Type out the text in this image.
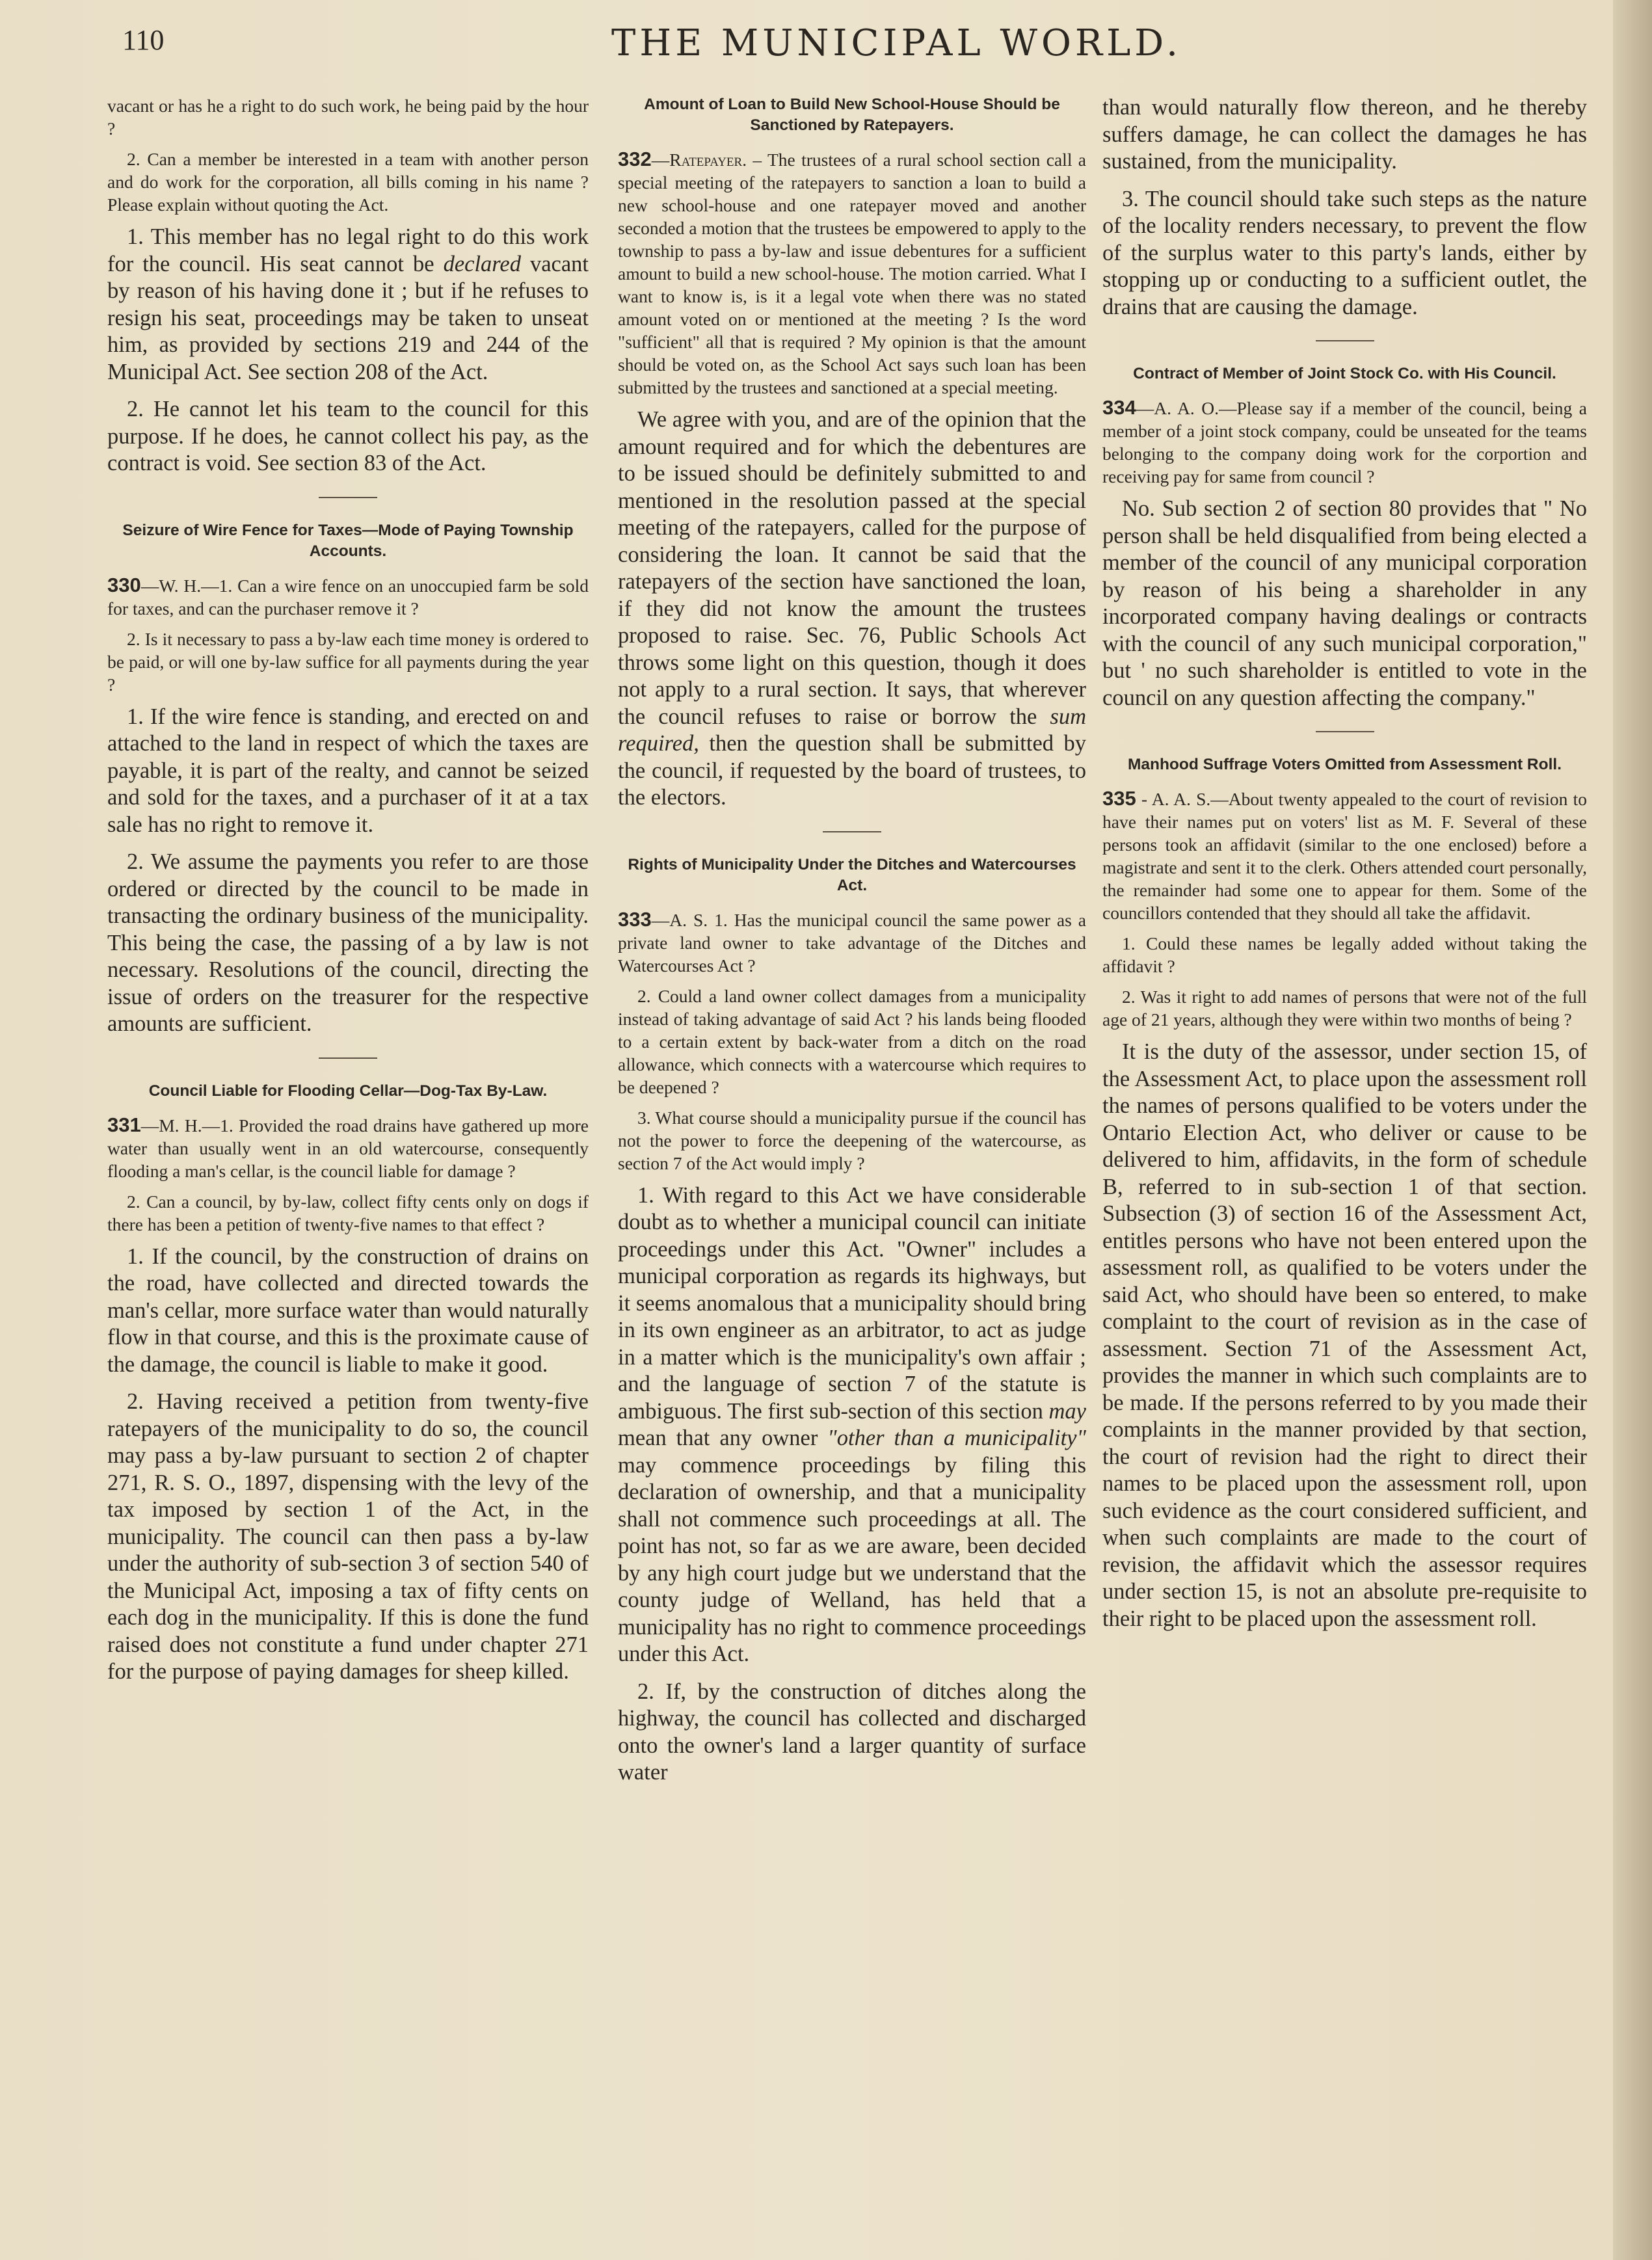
110	THE MUNICIPAL WORLD.

vacant or has he a right to do such work, he being paid by the hour ?

2. Can a member be interested in a team with another person and do work for the corporation, all bills coming in his name ? Please explain without quoting the Act.

1. This member has no legal right to do this work for the council. His seat cannot be declared vacant by reason of his having done it ; but if he refuses to resign his seat, proceedings may be taken to unseat him, as provided by sections 219 and 244 of the Municipal Act. See section 208 of the Act.

2. He cannot let his team to the council for this purpose. If he does, he cannot collect his pay, as the contract is void. See section 83 of the Act.

Seizure of Wire Fence for Taxes—Mode of Paying Township Accounts.

330—W. H.—1. Can a wire fence on an unoccupied farm be sold for taxes, and can the purchaser remove it ?

2. Is it necessary to pass a by-law each time money is ordered to be paid, or will one by-law suffice for all payments during the year ?

1. If the wire fence is standing, and erected on and attached to the land in respect of which the taxes are payable, it is part of the realty, and cannot be seized and sold for the taxes, and a purchaser of it at a tax sale has no right to remove it.

2. We assume the payments you refer to are those ordered or directed by the council to be made in transacting the ordinary business of the municipality. This being the case, the passing of a by law is not necessary. Resolutions of the council, directing the issue of orders on the treasurer for the respective amounts are sufficient.

Council Liable for Flooding Cellar—Dog-Tax By-Law.

331—M. H.—1. Provided the road drains have gathered up more water than usually went in an old watercourse, consequently flooding a man's cellar, is the council liable for damage ?

2. Can a council, by by-law, collect fifty cents only on dogs if there has been a petition of twenty-five names to that effect ?

1. If the council, by the construction of drains on the road, have collected and directed towards the man's cellar, more surface water than would naturally flow in that course, and this is the proximate cause of the damage, the council is liable to make it good.

2. Having received a petition from twenty-five ratepayers of the municipality to do so, the council may pass a by-law pursuant to section 2 of chapter 271, R. S. O., 1897, dispensing with the levy of the tax imposed by section 1 of the Act, in the municipality. The council can then pass a by-law under the authority of sub-section 3 of section 540 of the Municipal Act, imposing a tax of fifty cents on each dog in the municipality. If this is done the fund raised does not constitute a fund under chapter 271 for the purpose of paying damages for sheep killed.

Amount of Loan to Build New School-House Should be Sanctioned by Ratepayers.

332—Ratepayer. – The trustees of a rural school section call a special meeting of the ratepayers to sanction a loan to build a new school-house and one ratepayer moved and another seconded a motion that the trustees be empowered to apply to the township to pass a by-law and issue debentures for a sufficient amount to build a new school-house. The motion carried. What I want to know is, is it a legal vote when there was no stated amount voted on or mentioned at the meeting ? Is the word "sufficient" all that is required ? My opinion is that the amount should be voted on, as the School Act says such loan has been submitted by the trustees and sanctioned at a special meeting.

We agree with you, and are of the opinion that the amount required and for which the debentures are to be issued should be definitely submitted to and mentioned in the resolution passed at the special meeting of the ratepayers, called for the purpose of considering the loan. It cannot be said that the ratepayers of the section have sanctioned the loan, if they did not know the amount the trustees proposed to raise. Sec. 76, Public Schools Act throws some light on this question, though it does not apply to a rural section. It says, that wherever the council refuses to raise or borrow the sum required, then the question shall be submitted by the council, if requested by the board of trustees, to the electors.

Rights of Municipality Under the Ditches and Watercourses Act.

333—A. S. 1. Has the municipal council the same power as a private land owner to take advantage of the Ditches and Watercourses Act ?

2. Could a land owner collect damages from a municipality instead of taking advantage of said Act ? his lands being flooded to a certain extent by back-water from a ditch on the road allowance, which connects with a watercourse which requires to be deepened ?

3. What course should a municipality pursue if the council has not the power to force the deepening of the watercourse, as section 7 of the Act would imply ?

1. With regard to this Act we have considerable doubt as to whether a municipal council can initiate proceedings under this Act. "Owner" includes a municipal corporation as regards its highways, but it seems anomalous that a municipality should bring in its own engineer as an arbitrator, to act as judge in a matter which is the municipality's own affair ; and the language of section 7 of the statute is ambiguous. The first sub-section of this section may mean that any owner "other than a municipality" may commence proceedings by filing this declaration of ownership, and that a municipality shall not commence such proceedings at all. The point has not, so far as we are aware, been decided by any high court judge but we understand that the county judge of Welland, has held that a municipality has no right to commence proceedings under this Act.

2. If, by the construction of ditches along the highway, the council has collected and discharged onto the owner's land a larger quantity of surface water

than would naturally flow thereon, and he thereby suffers damage, he can collect the damages he has sustained, from the municipality.

3. The council should take such steps as the nature of the locality renders necessary, to prevent the flow of the surplus water to this party's lands, either by stopping up or conducting to a sufficient outlet, the drains that are causing the damage.

Contract of Member of Joint Stock Co. with His Council.

334—A. A. O.—Please say if a member of the council, being a member of a joint stock company, could be unseated for the teams belonging to the company doing work for the corportion and receiving pay for same from council ?

No. Sub section 2 of section 80 provides that " No person shall be held disqualified from being elected a member of the council of any municipal corporation by reason of his being a shareholder in any incorporated company having dealings or contracts with the council of any such municipal corporation," but ' no such shareholder is entitled to vote in the council on any question affecting the company."

Manhood Suffrage Voters Omitted from Assessment Roll.

335 - A. A. S.—About twenty appealed to the court of revision to have their names put on voters' list as M. F. Several of these persons took an affidavit (similar to the one enclosed) before a magistrate and sent it to the clerk. Others attended court personally, the remainder had some one to appear for them. Some of the councillors contended that they should all take the affidavit.

1. Could these names be legally added without taking the affidavit ?

2. Was it right to add names of persons that were not of the full age of 21 years, although they were within two months of being ?

It is the duty of the assessor, under section 15, of the Assessment Act, to place upon the assessment roll the names of persons qualified to be voters under the Ontario Election Act, who deliver or cause to be delivered to him, affidavits, in the form of schedule B, referred to in sub-section 1 of that section. Subsection (3) of section 16 of the Assessment Act, entitles persons who have not been entered upon the assessment roll, as qualified to be voters under the said Act, who should have been so entered, to make complaint to the court of revision as in the case of assessment. Section 71 of the Assessment Act, provides the manner in which such complaints are to be made. If the persons referred to by you made their complaints in the manner provided by that section, the court of revision had the right to direct their names to be placed upon the assessment roll, upon such evidence as the court considered sufficient, and when such complaints are made to the court of revision, the affidavit which the assessor requires under section 15, is not an absolute pre-requisite to their right to be placed upon the assessment roll.
